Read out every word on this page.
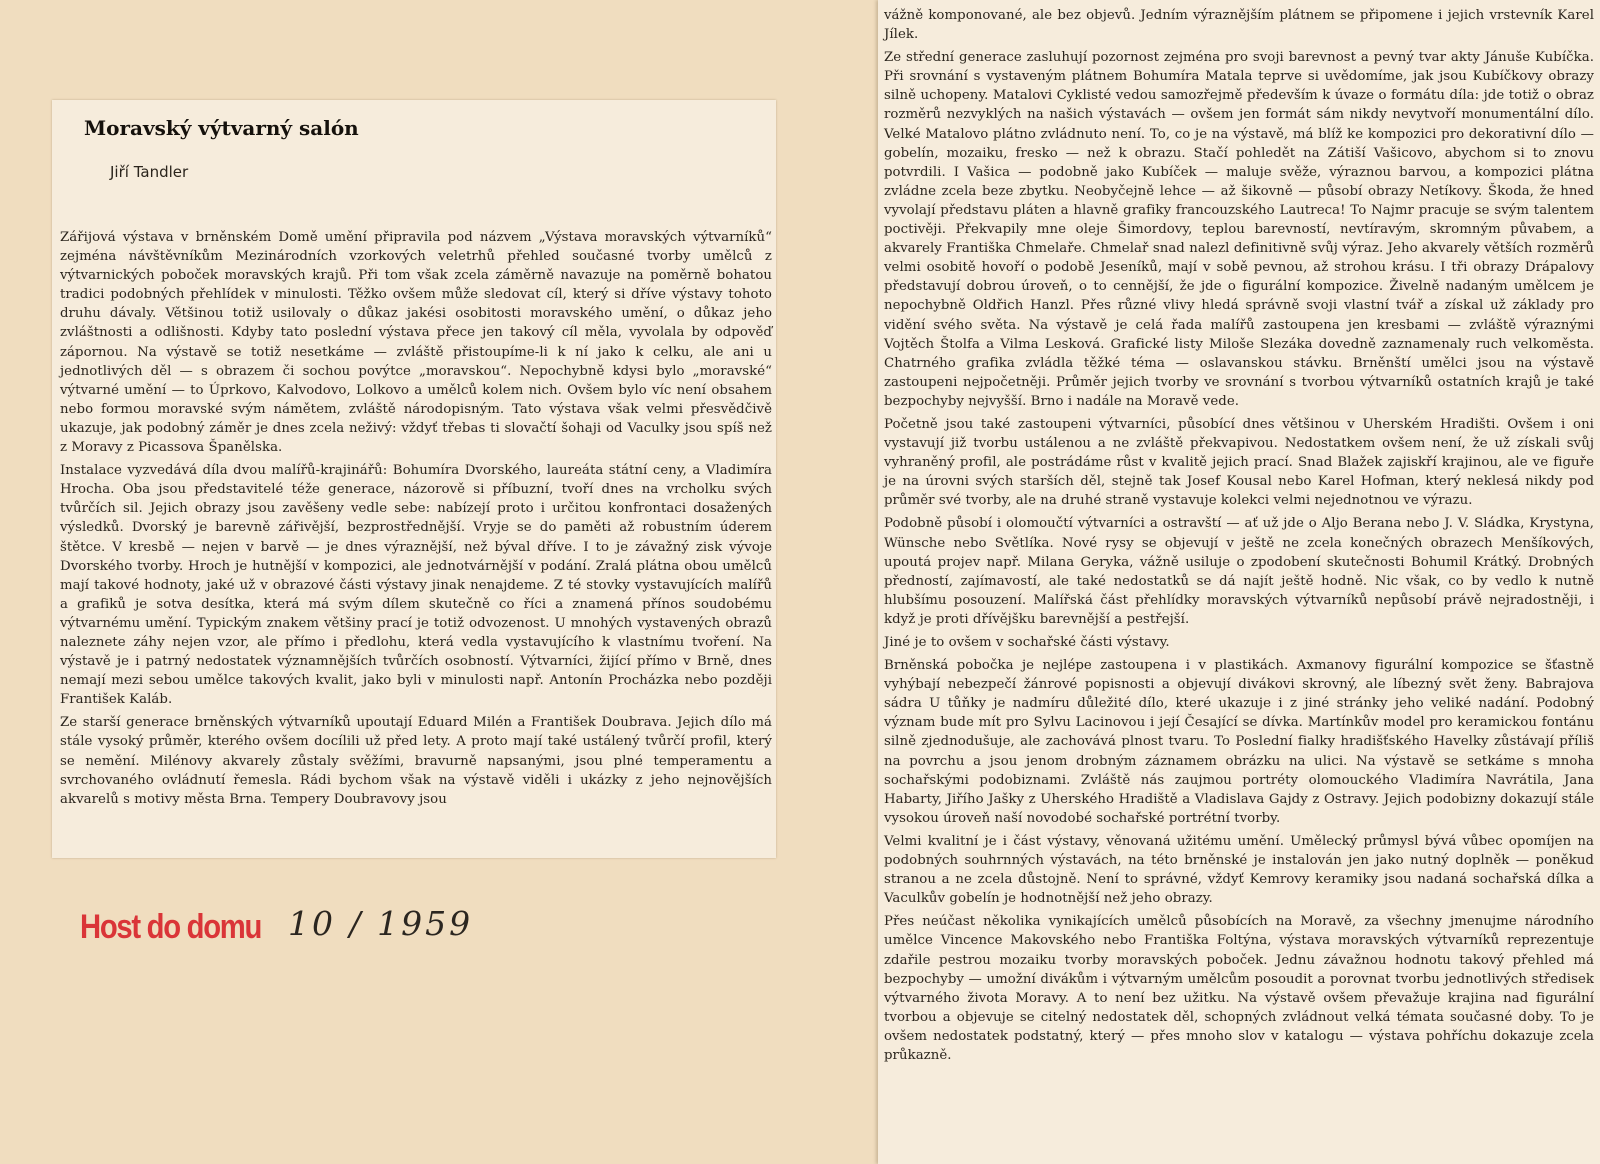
Moravský výtvarný salón
Jiří Tandler

Zářijová výstava v brněnském Domě umění připravila pod názvem „Výstava moravských výtvarníků“ zejména návštěvníkům Mezinárodních vzorkových veletrhů přehled současné tvorby umělců z výtvarnických poboček moravských krajů. Při tom však zcela záměrně navazuje na poměrně bohatou tradici podobných přehlídek v minulosti. Těžko ovšem může sledovat cíl, který si dříve výstavy tohoto druhu dávaly. Většinou totiž usilovaly o důkaz jakési osobitosti moravského umění, o důkaz jeho zvláštnosti a odlišnosti. Kdyby tato poslední výstava přece jen takový cíl měla, vyvolala by odpověď zápornou. Na výstavě se totiž nesetkáme — zvláště přistoupíme-li k ní jako k celku, ale ani u jednotlivých děl — s obrazem či sochou povýtce „moravskou“. Nepochybně kdysi bylo „moravské“ výtvarné umění — to Úprkovo, Kalvodovo, Lolkovo a umělců kolem nich. Ovšem bylo víc není obsahem nebo formou moravské svým námětem, zvláště národopisným. Tato výstava však velmi přesvědčivě ukazuje, jak podobný záměr je dnes zcela neživý: vždyť třebas ti slovačtí šohaji od Vaculky jsou spíš než z Moravy z Picassova Španělska.

Instalace vyzvedává díla dvou malířů-krajinářů: Bohumíra Dvorského, laureáta státní ceny, a Vladimíra Hrocha. Oba jsou představitelé téže generace, názorově si příbuzní, tvoří dnes na vrcholku svých tvůrčích sil. Jejich obrazy jsou zavěšeny vedle sebe: nabízejí proto i určitou konfrontaci dosažených výsledků. Dvorský je barevně zářivější, bezprostřednější. Vryje se do paměti až robustním úderem štětce. V kresbě — nejen v barvě — je dnes výraznější, než býval dříve. I to je závažný zisk vývoje Dvorského tvorby. Hroch je hutnější v kompozici, ale jednotvárnější v podání. Zralá plátna obou umělců mají takové hodnoty, jaké už v obrazové části výstavy jinak nenajdeme. Z té stovky vystavujících malířů a grafiků je sotva desítka, která má svým dílem skutečně co říci a znamená přínos soudobému výtvarnému umění. Typickým znakem většiny prací je totiž odvozenost. U mnohých vystavených obrazů naleznete záhy nejen vzor, ale přímo i předlohu, která vedla vystavujícího k vlastnímu tvoření. Na výstavě je i patrný nedostatek významnějších tvůrčích osobností. Výtvarníci, žijící přímo v Brně, dnes nemají mezi sebou umělce takových kvalit, jako byli v minulosti např. Antonín Procházka nebo později František Kaláb.

Ze starší generace brněnských výtvarníků upoutají Eduard Milén a František Doubrava. Jejich dílo má stále vysoký průměr, kterého ovšem docílili už před lety. A proto mají také ustálený tvůrčí profil, který se nemění. Milénovy akvarely zůstaly svěžími, bravurně napsanými, jsou plné temperamentu a svrchovaného ovládnutí řemesla. Rádi bychom však na výstavě viděli i ukázky z jeho nejnovějších akvarelů s motivy města Brna. Tempery Doubravovy jsou

Host do domu 10 / 1959

vážně komponované, ale bez objevů. Jedním výraznějším plátnem se připomene i jejich vrstevník Karel Jílek.

Ze střední generace zasluhují pozornost zejména pro svoji barevnost a pevný tvar akty Jánuše Kubíčka. Při srovnání s vystaveným plátnem Bohumíra Matala teprve si uvědomíme, jak jsou Kubíčkovy obrazy silně uchopeny. Matalovi Cyklisté vedou samozřejmě především k úvaze o formátu díla: jde totiž o obraz rozměrů nezvyklých na našich výstavách — ovšem jen formát sám nikdy nevytvoří monumentální dílo. Velké Matalovo plátno zvládnuto není. To, co je na výstavě, má blíž ke kompozici pro dekorativní dílo — gobelín, mozaiku, fresko — než k obrazu. Stačí pohledět na Zátiší Vašicovo, abychom si to znovu potvrdili. I Vašica — podobně jako Kubíček — maluje svěže, výraznou barvou, a kompozici plátna zvládne zcela beze zbytku. Neobyčejně lehce — až šikovně — působí obrazy Netíkovy. Škoda, že hned vyvolají představu pláten a hlavně grafiky francouzského Lautreca! To Najmr pracuje se svým talentem poctivěji. Překvapily mne oleje Šimordovy, teplou barevností, nevtíravým, skromným půvabem, a akvarely Františka Chmelaře. Chmelař snad nalezl definitivně svůj výraz. Jeho akvarely větších rozměrů velmi osobitě hovoří o podobě Jeseníků, mají v sobě pevnou, až strohou krásu. I tři obrazy Drápalovy představují dobrou úroveň, o to cennější, že jde o figurální kompozice. Živelně nadaným umělcem je nepochybně Oldřich Hanzl. Přes různé vlivy hledá správně svoji vlastní tvář a získal už základy pro vidění svého světa. Na výstavě je celá řada malířů zastoupena jen kresbami — zvláště výraznými Vojtěch Štolfa a Vilma Lesková. Grafické listy Miloše Slezáka dovedně zaznamenaly ruch velkoměsta. Chatrného grafika zvládla těžké téma — oslavanskou stávku. Brněnští umělci jsou na výstavě zastoupeni nejpočetněji. Průměr jejich tvorby ve srovnání s tvorbou výtvarníků ostatních krajů je také bezpochyby nejvyšší. Brno i nadále na Moravě vede.

Početně jsou také zastoupeni výtvarníci, působící dnes většinou v Uherském Hradišti. Ovšem i oni vystavují již tvorbu ustálenou a ne zvláště překvapivou. Nedostatkem ovšem není, že už získali svůj vyhraněný profil, ale postrádáme růst v kvalitě jejich prací. Snad Blažek zajiskří krajinou, ale ve figuře je na úrovni svých starších děl, stejně tak Josef Kousal nebo Karel Hofman, který neklesá nikdy pod průměr své tvorby, ale na druhé straně vystavuje kolekci velmi nejednotnou ve výrazu.

Podobně působí i olomoučtí výtvarníci a ostravští — ať už jde o Aljo Berana nebo J. V. Sládka, Krystyna, Wünsche nebo Světlíka. Nové rysy se objevují v ještě ne zcela konečných obrazech Menšíkových, upoutá projev např. Milana Geryka, vážně usiluje o zpodobení skutečnosti Bohumil Krátký. Drobných předností, zajímavostí, ale také nedostatků se dá najít ještě hodně. Nic však, co by vedlo k nutně hlubšímu posouzení. Malířská část přehlídky moravských výtvarníků nepůsobí právě nejradostněji, i když je proti dřívějšku barevnější a pestřejší.

Jiné je to ovšem v sochařské části výstavy.

Brněnská pobočka je nejlépe zastoupena i v plastikách. Axmanovy figurální kompozice se šťastně vyhýbají nebezpečí žánrové popisnosti a objevují divákovi skrovný, ale líbezný svět ženy. Babrajova sádra U tůňky je nadmíru důležité dílo, které ukazuje i z jiné stránky jeho veliké nadání. Podobný význam bude mít pro Sylvu Lacinovou i její Česající se dívka. Martínkův model pro keramickou fontánu silně zjednodušuje, ale zachovává plnost tvaru. To Poslední fialky hradišťského Havelky zůstávají příliš na povrchu a jsou jenom drobným záznamem obrázku na ulici. Na výstavě se setkáme s mnoha sochařskými podobiznami. Zvláště nás zaujmou portréty olomouckého Vladimíra Navrátila, Jana Habarty, Jiřího Jašky z Uherského Hradiště a Vladislava Gajdy z Ostravy. Jejich podobizny dokazují stále vysokou úroveň naší novodobé sochařské portrétní tvorby.

Velmi kvalitní je i část výstavy, věnovaná užitému umění. Umělecký průmysl bývá vůbec opomíjen na podobných souhrnných výstavách, na této brněnské je instalován jen jako nutný doplněk — poněkud stranou a ne zcela důstojně. Není to správné, vždyť Kemrovy keramiky jsou nadaná sochařská dílka a Vaculkův gobelín je hodnotnější než jeho obrazy.

Přes neúčast několika vynikajících umělců působících na Moravě, za všechny jmenujme národního umělce Vincence Makovského nebo Františka Foltýna, výstava moravských výtvarníků reprezentuje zdařile pestrou mozaiku tvorby moravských poboček. Jednu závažnou hodnotu takový přehled má bezpochyby — umožní divákům i výtvarným umělcům posoudit a porovnat tvorbu jednotlivých středisek výtvarného života Moravy. A to není bez užitku. Na výstavě ovšem převažuje krajina nad figurální tvorbou a objevuje se citelný nedostatek děl, schopných zvládnout velká témata současné doby. To je ovšem nedostatek podstatný, který — přes mnoho slov v katalogu — výstava pohříchu dokazuje zcela průkazně.
